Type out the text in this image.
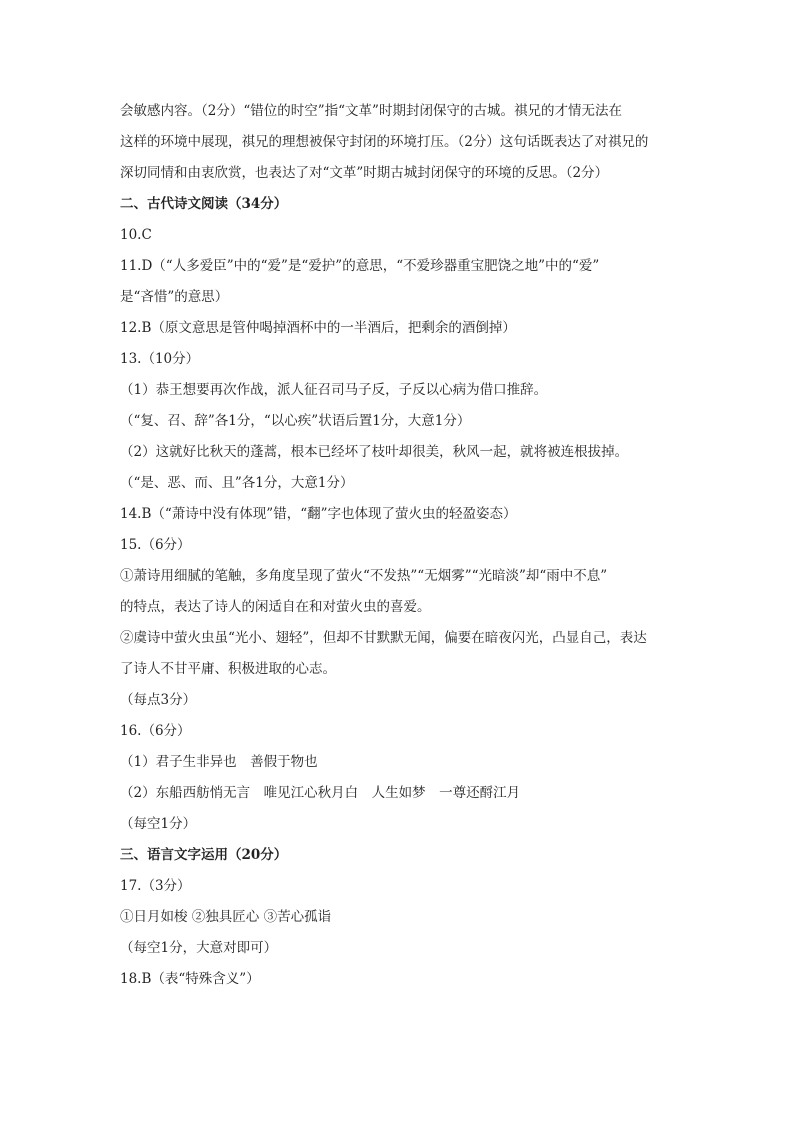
会敏感内容。（2分）“错位的时空”指“文革”时期封闭保守的古城。祺兄的才情无法在
这样的环境中展现，祺兄的理想被保守封闭的环境打压。（2分）这句话既表达了对祺兄的
深切同情和由衷欣赏，也表达了对“文革”时期古城封闭保守的环境的反思。（2分）
二、古代诗文阅读（34分）
10.C
11.D（“人多爱臣”中的“爱”是“爱护”的意思，“不爱珍器重宝肥饶之地”中的“爱”
是“吝惜”的意思）
12.B（原文意思是管仲喝掉酒杯中的一半酒后，把剩余的酒倒掉）
13.（10分）
（1）恭王想要再次作战，派人征召司马子反，子反以心病为借口推辞。
（“复、召、辞”各1分，“以心疾”状语后置1分，大意1分）
（2）这就好比秋天的蓬蒿，根本已经坏了枝叶却很美，秋风一起，就将被连根拔掉。
（“是、恶、而、且”各1分，大意1分）
14.B（“萧诗中没有体现”错，“翻”字也体现了萤火虫的轻盈姿态）
15.（6分）
①萧诗用细腻的笔触，多角度呈现了萤火“不发热”“无烟雾”“光暗淡”却“雨中不息”
的特点，表达了诗人的闲适自在和对萤火虫的喜爱。
②虞诗中萤火虫虽“光小、翅轻”，但却不甘默默无闻，偏要在暗夜闪光，凸显自己，表达
了诗人不甘平庸、积极进取的心志。
（每点3分）
16.（6分）
（1）君子生非异也　善假于物也
（2）东船西舫悄无言　唯见江心秋月白　人生如梦　一尊还酹江月
（每空1分）
三、语言文字运用（20分）
17.（3分）
①日月如梭 ②独具匠心 ③苦心孤诣
（每空1分，大意对即可）
18.B（表“特殊含义”）
